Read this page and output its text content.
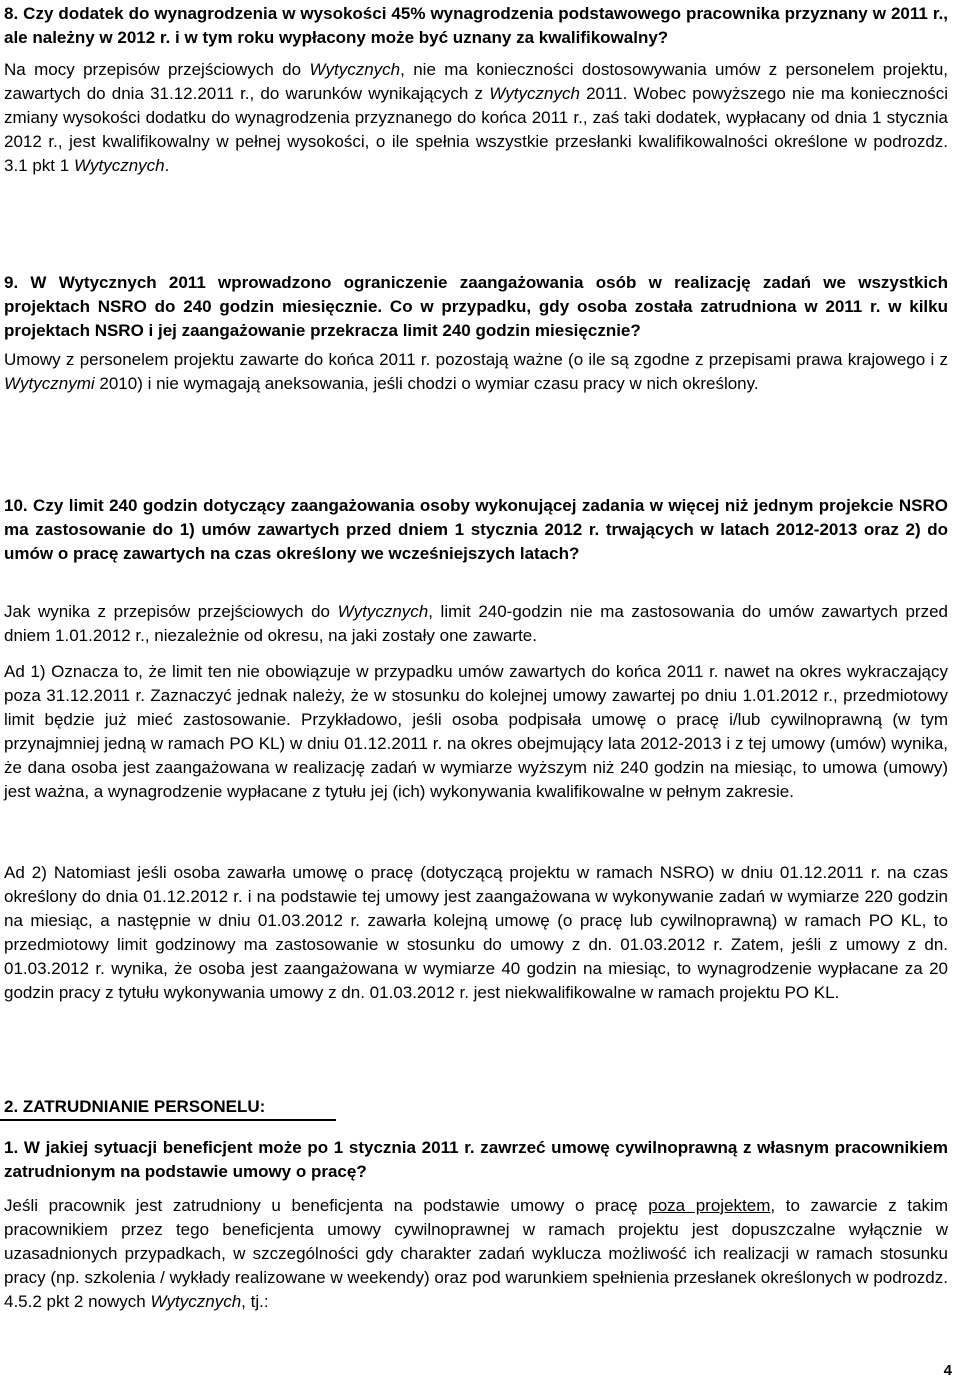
8. Czy dodatek do wynagrodzenia w wysokości 45% wynagrodzenia podstawowego pracownika przyznany w 2011 r., ale należny w 2012 r. i w tym roku wypłacony może być uznany za kwalifikowalny?

Na mocy przepisów przejściowych do Wytycznych, nie ma konieczności dostosowywania umów z personelem projektu, zawartych do dnia 31.12.2011 r., do warunków wynikających z Wytycznych 2011. Wobec powyższego nie ma konieczności zmiany wysokości dodatku do wynagrodzenia przyznanego do końca 2011 r., zaś taki dodatek, wypłacany od dnia 1 stycznia 2012 r., jest kwalifikowalny w pełnej wysokości, o ile spełnia wszystkie przesłanki kwalifikowalności określone w podrozdz. 3.1 pkt 1 Wytycznych.

9. W Wytycznych 2011 wprowadzono ograniczenie zaangażowania osób w realizację zadań we wszystkich projektach NSRO do 240 godzin miesięcznie. Co w przypadku, gdy osoba została zatrudniona w 2011 r. w kilku projektach NSRO i jej zaangażowanie przekracza limit 240 godzin miesięcznie?

Umowy z personelem projektu zawarte do końca 2011 r. pozostają ważne (o ile są zgodne z przepisami prawa krajowego i z Wytycznymi 2010) i nie wymagają aneksowania, jeśli chodzi o wymiar czasu pracy w nich określony.

10. Czy limit 240 godzin dotyczący zaangażowania osoby wykonującej zadania w więcej niż jednym projekcie NSRO ma zastosowanie do 1) umów zawartych przed dniem 1 stycznia 2012 r. trwających w latach 2012-2013 oraz 2) do umów o pracę zawartych na czas określony we wcześniejszych latach?

Jak wynika z przepisów przejściowych do Wytycznych, limit 240-godzin nie ma zastosowania do umów zawartych przed dniem 1.01.2012 r., niezależnie od okresu, na jaki zostały one zawarte.

Ad 1) Oznacza to, że limit ten nie obowiązuje w przypadku umów zawartych do końca 2011 r. nawet na okres wykraczający poza 31.12.2011 r. Zaznaczyć jednak należy, że w stosunku do kolejnej umowy zawartej po dniu 1.01.2012 r., przedmiotowy limit będzie już mieć zastosowanie. Przykładowo, jeśli osoba podpisała umowę o pracę i/lub cywilnoprawną (w tym przynajmniej jedną w ramach PO KL) w dniu 01.12.2011 r. na okres obejmujący lata 2012-2013 i z tej umowy (umów) wynika, że dana osoba jest zaangażowana w realizację zadań w wymiarze wyższym niż 240 godzin na miesiąc, to umowa (umowy) jest ważna, a wynagrodzenie wypłacane z tytułu jej (ich) wykonywania kwalifikowalne w pełnym zakresie.

Ad 2) Natomiast jeśli osoba zawarła umowę o pracę (dotyczącą projektu w ramach NSRO) w dniu 01.12.2011 r. na czas określony do dnia 01.12.2012 r. i na podstawie tej umowy jest zaangażowana w wykonywanie zadań w wymiarze 220 godzin na miesiąc, a następnie w dniu 01.03.2012 r. zawarła kolejną umowę (o pracę lub cywilnoprawną) w ramach PO KL, to przedmiotowy limit godzinowy ma zastosowanie w stosunku do umowy z dn. 01.03.2012 r. Zatem, jeśli z umowy z dn. 01.03.2012 r. wynika, że osoba jest zaangażowana w wymiarze 40 godzin na miesiąc, to wynagrodzenie wypłacane za 20 godzin pracy z tytułu wykonywania umowy z dn. 01.03.2012 r. jest niekwalifikowalne w ramach projektu PO KL.

2. ZATRUDNIANIE PERSONELU:

1. W jakiej sytuacji beneficjent może po 1 stycznia 2011 r. zawrzeć umowę cywilnoprawną z własnym pracownikiem zatrudnionym na podstawie umowy o pracę?

Jeśli pracownik jest zatrudniony u beneficjenta na podstawie umowy o pracę poza projektem, to zawarcie z takim pracownikiem przez tego beneficjenta umowy cywilnoprawnej w ramach projektu jest dopuszczalne wyłącznie w uzasadnionych przypadkach, w szczególności gdy charakter zadań wyklucza możliwość ich realizacji w ramach stosunku pracy (np. szkolenia / wykłady realizowane w weekendy) oraz pod warunkiem spełnienia przesłanek określonych w podrozdz. 4.5.2 pkt 2 nowych Wytycznych, tj.:

4
